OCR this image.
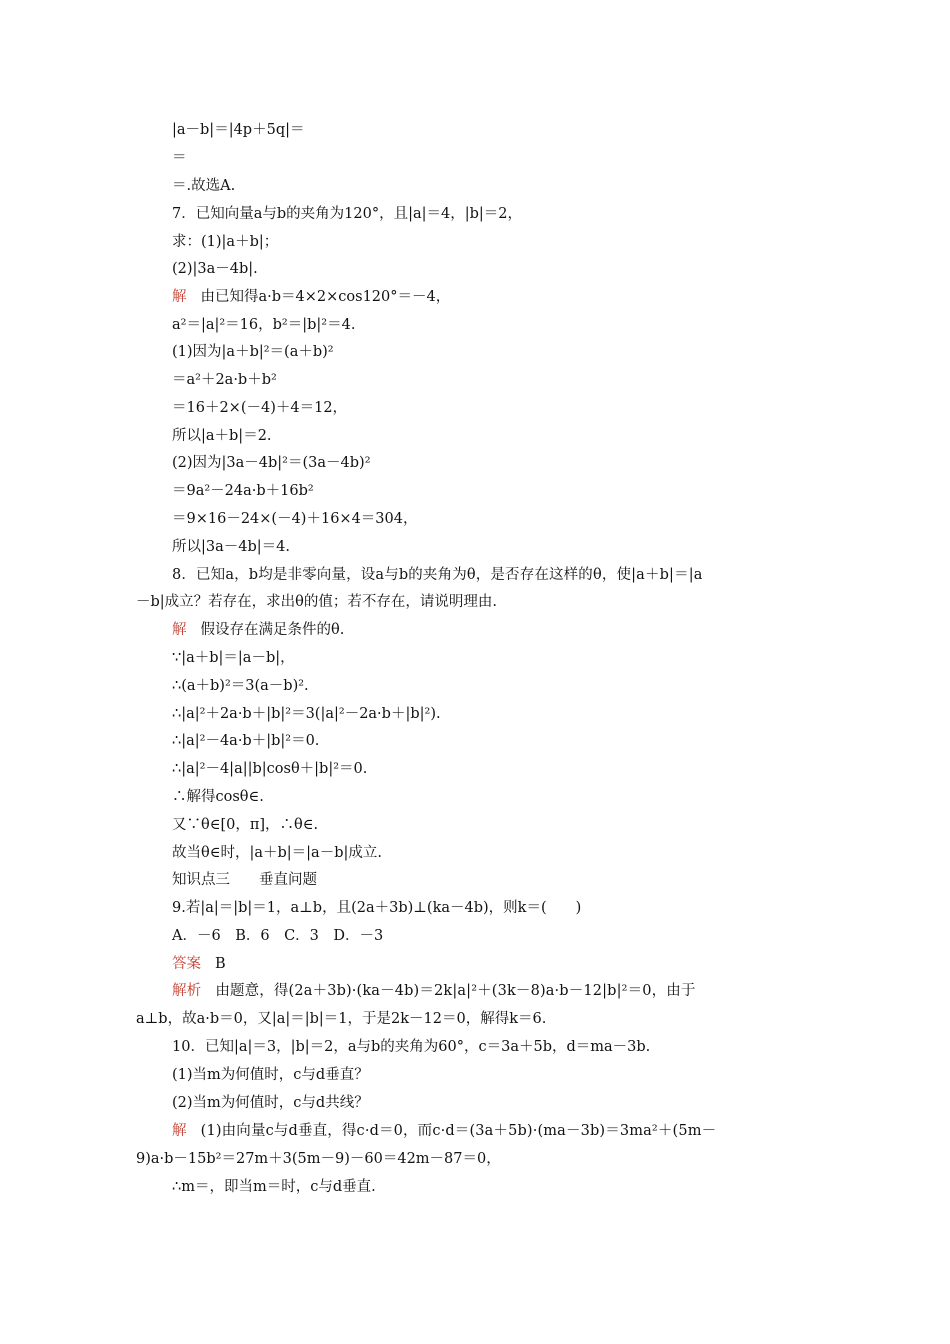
|a－b|＝|4p＋5q|＝
＝
＝.故选A.
7．已知向量a与b的夹角为120°，且|a|＝4，|b|＝2，
求：(1)|a＋b|；
(2)|3a－4b|.
解 由已知得a·b＝4×2×cos120°＝－4，
a²＝|a|²＝16，b²＝|b|²＝4.
(1)因为|a＋b|²＝(a＋b)²
＝a²＋2a·b＋b²
＝16＋2×(－4)＋4＝12，
所以|a＋b|＝2.
(2)因为|3a－4b|²＝(3a－4b)²
＝9a²－24a·b＋16b²
＝9×16－24×(－4)＋16×4＝304，
所以|3a－4b|＝4.
8．已知a，b均是非零向量，设a与b的夹角为θ，是否存在这样的θ，使|a＋b|＝|a
－b|成立？若存在，求出θ的值；若不存在，请说明理由.
解 假设存在满足条件的θ.
∵|a＋b|＝|a－b|，
∴(a＋b)²＝3(a－b)².
∴|a|²＋2a·b＋|b|²＝3(|a|²－2a·b＋|b|²).
∴|a|²－4a·b＋|b|²＝0.
∴|a|²－4|a||b|cosθ＋|b|²＝0.
∴解得cosθ∈.
又∵θ∈[0，π]，∴θ∈.
故当θ∈时，|a＋b|＝|a－b|成立.
知识点三　　垂直问题
9.若|a|＝|b|＝1，a⊥b，且(2a＋3b)⊥(ka－4b)，则k＝(　　)
A．－6　B．6　C．3　D．－3
答案 B
解析 由题意，得(2a＋3b)·(ka－4b)＝2k|a|²＋(3k－8)a·b－12|b|²＝0，由于
a⊥b，故a·b＝0，又|a|＝|b|＝1，于是2k－12＝0，解得k＝6.
10．已知|a|＝3，|b|＝2，a与b的夹角为60°，c＝3a＋5b，d＝ma－3b.
(1)当m为何值时，c与d垂直？
(2)当m为何值时，c与d共线？
解 (1)由向量c与d垂直，得c·d＝0，而c·d＝(3a＋5b)·(ma－3b)＝3ma²＋(5m－
9)a·b－15b²＝27m＋3(5m－9)－60＝42m－87＝0，
∴m＝，即当m＝时，c与d垂直.
